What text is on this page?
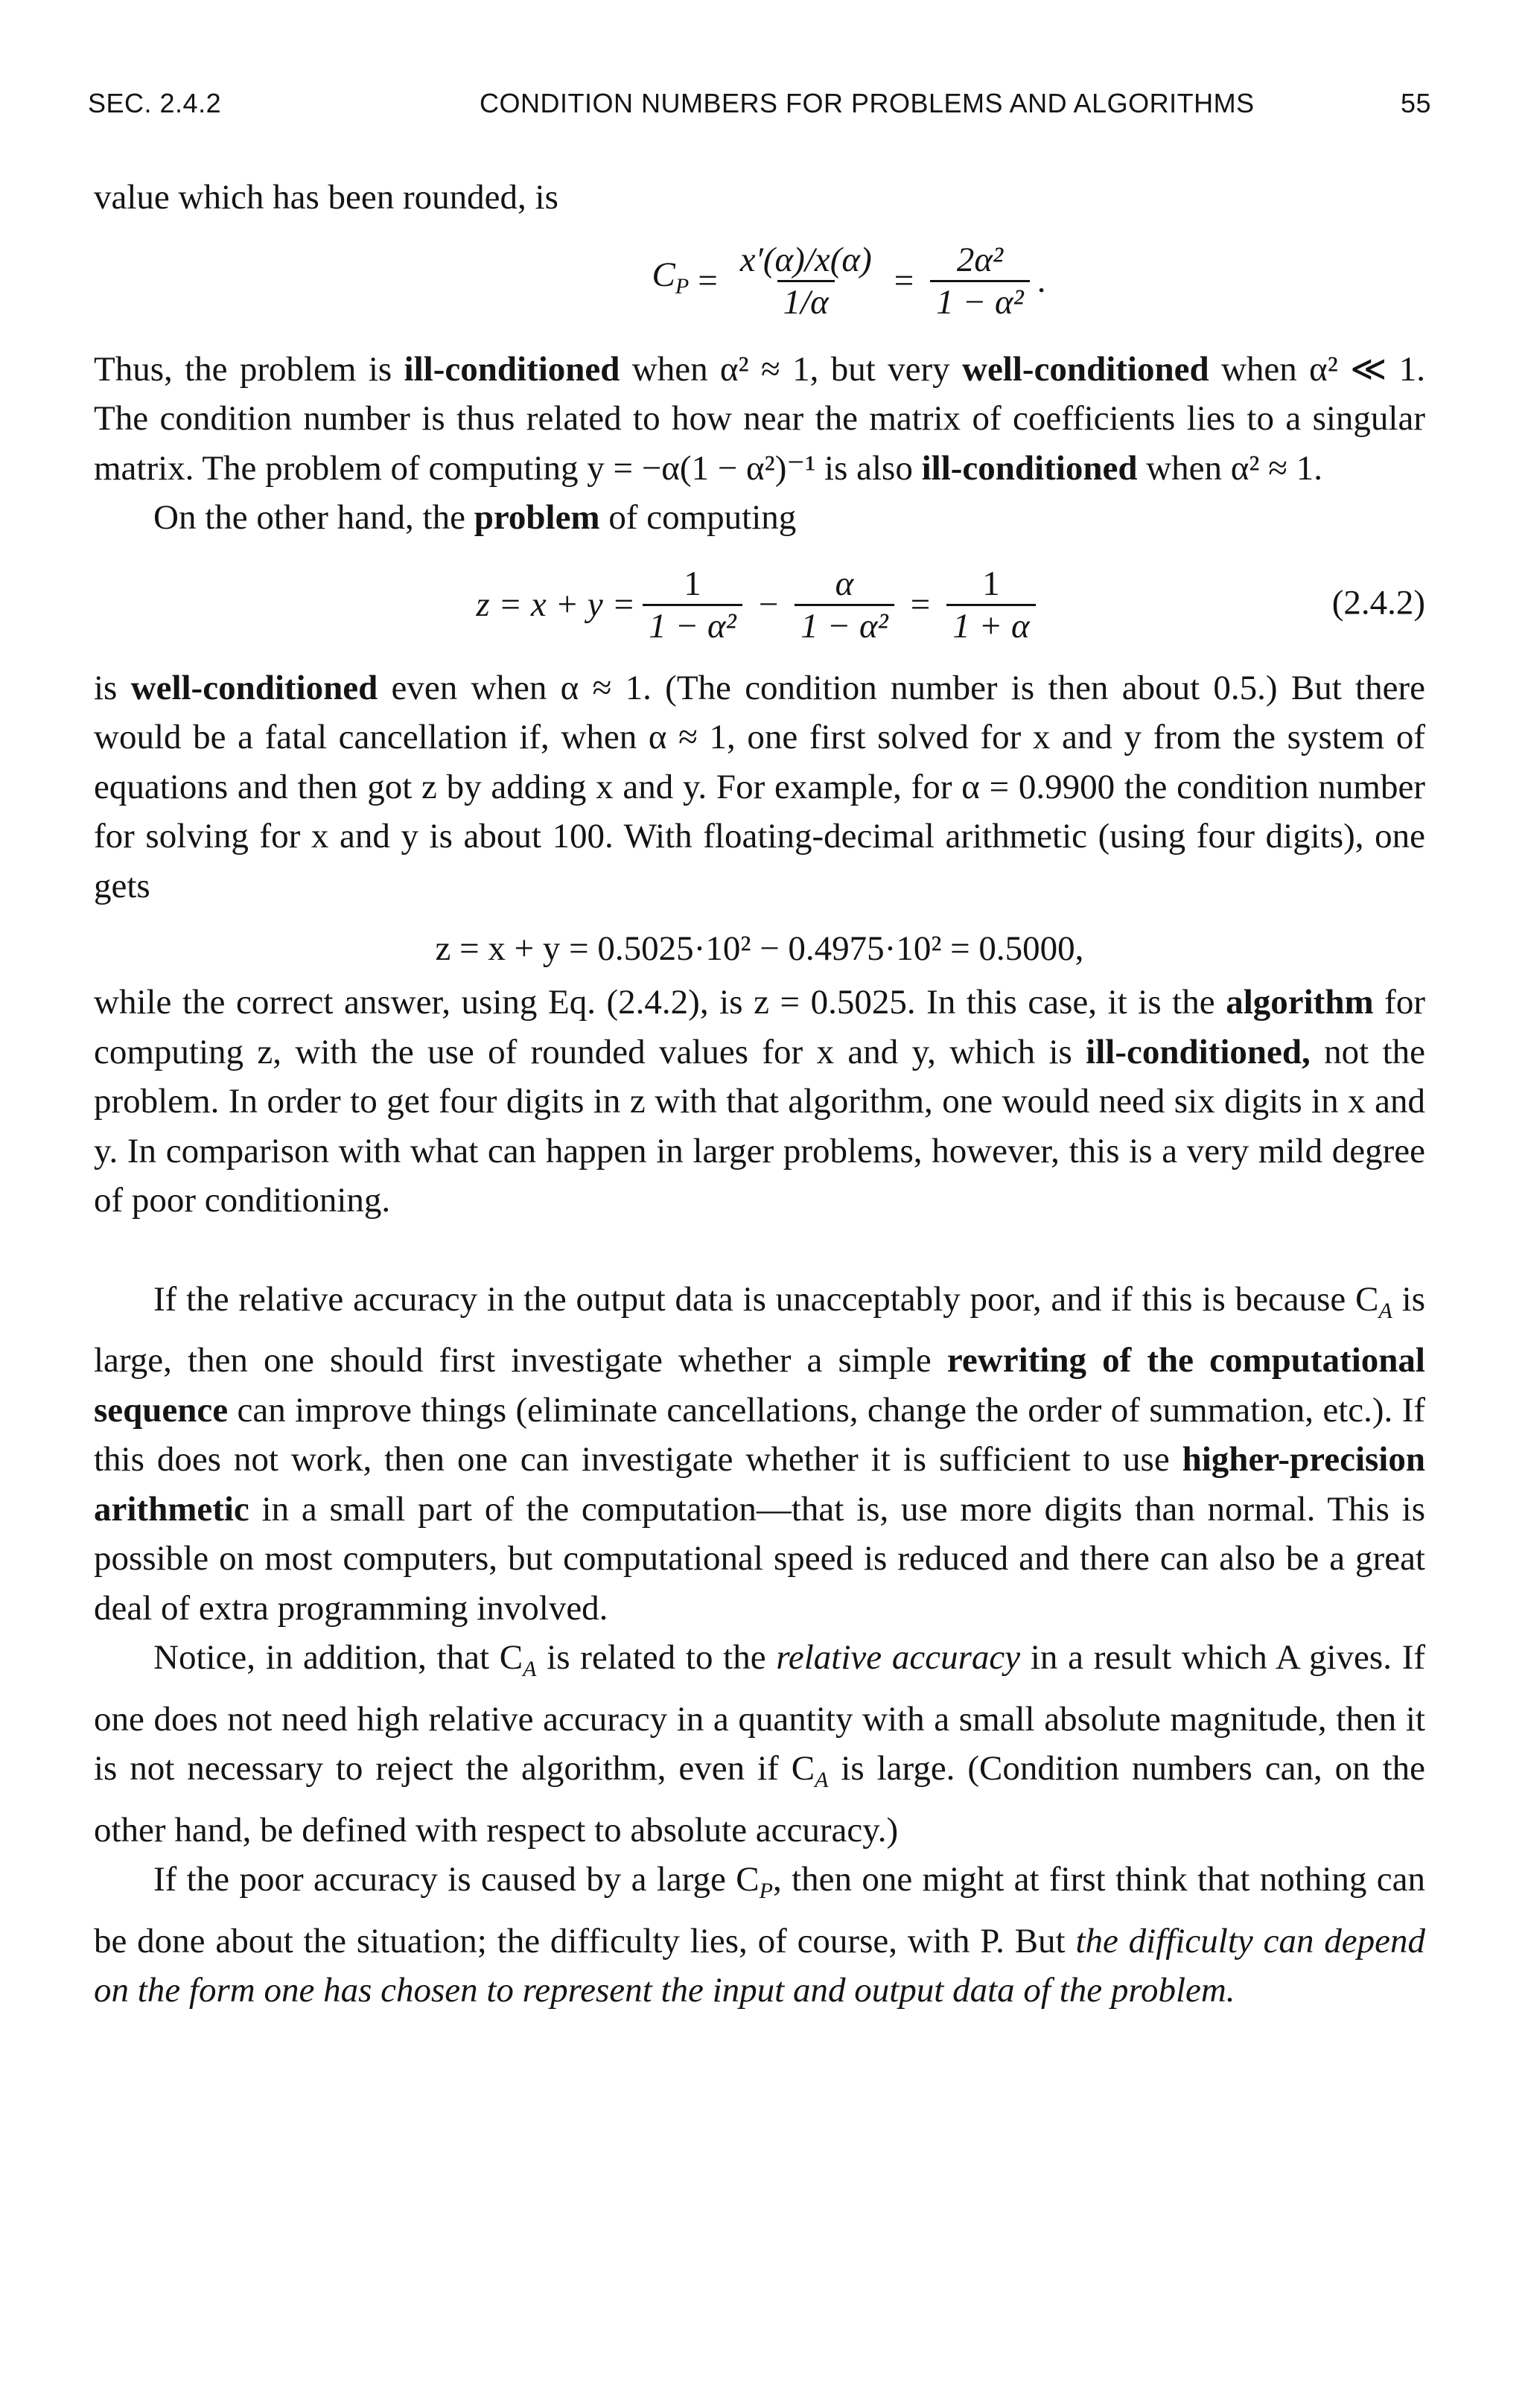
SEC. 2.4.2	CONDITION NUMBERS FOR PROBLEMS AND ALGORITHMS	55

value which has been rounded, is

$C_P = \frac{x'(\alpha)/x(\alpha)}{1/\alpha} = \frac{\text{2α²}}{\text{1 − α²}}$ .

Thus, the problem is ill-conditioned when α² ≈ 1, but very well-conditioned when α² ≪ 1. The condition number is thus related to how near the matrix of coefficients lies to a singular matrix. The problem of computing y = −α(1 − α²)⁻¹ is also ill-conditioned when α² ≈ 1.

On the other hand, the problem of computing

$z = x + y = \frac{1}{\text{1 − α²}} - \frac{\alpha}{\text{1 − α²}} = \frac{1}{1 + \alpha}$	(2.4.2)

is well-conditioned even when α ≈ 1. (The condition number is then about 0.5.) But there would be a fatal cancellation if, when α ≈ 1, one first solved for x and y from the system of equations and then got z by adding x and y. For example, for α = 0.9900 the condition number for solving for x and y is about 100. With floating-decimal arithmetic (using four digits), one gets

z = x + y = 0.5025·10² − 0.4975·10² = 0.5000,

while the correct answer, using Eq. (2.4.2), is z = 0.5025. In this case, it is the algorithm for computing z, with the use of rounded values for x and y, which is ill-conditioned, not the problem. In order to get four digits in z with that algorithm, one would need six digits in x and y. In comparison with what can happen in larger problems, however, this is a very mild degree of poor conditioning.

If the relative accuracy in the output data is unacceptably poor, and if this is because $C_A$ is large, then one should first investigate whether a simple rewriting of the computational sequence can improve things (eliminate cancellations, change the order of summation, etc.). If this does not work, then one can investigate whether it is sufficient to use higher-precision arithmetic in a small part of the computation—that is, use more digits than normal. This is possible on most computers, but computational speed is reduced and there can also be a great deal of extra programming involved.

Notice, in addition, that $C_A$ is related to the relative accuracy in a result which A gives. If one does not need high relative accuracy in a quantity with a small absolute magnitude, then it is not necessary to reject the algorithm, even if $C_A$ is large. (Condition numbers can, on the other hand, be defined with respect to absolute accuracy.)

If the poor accuracy is caused by a large $C_P$, then one might at first think that nothing can be done about the situation; the difficulty lies, of course, with P. But the difficulty can depend on the form one has chosen to represent the input and output data of the problem.
